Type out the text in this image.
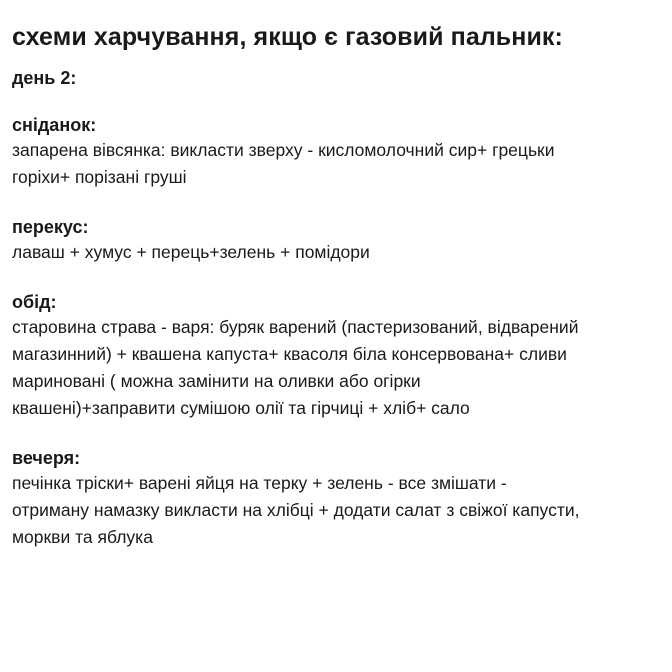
схеми харчування, якщо є газовий пальник:
день 2:
сніданок:
запарена вівсянка: викласти зверху - кисломолочний сир+ грецьки
горіхи+ порізані груші
перекус:
лаваш + хумус + перець+зелень + помідори
обід:
старовина страва - варя: буряк варений (пастеризований, відварений
магазинний) + квашена капуста+ квасоля біла консервована+ сливи
мариновані ( можна замінити на оливки або огірки
квашені)+заправити сумішою олії та гірчиці + хліб+ сало
вечеря:
печінка тріски+ варені яйця на терку + зелень - все змішати -
отриману намазку викласти на хлібці + додати салат з свіжої капусти,
моркви та яблука
